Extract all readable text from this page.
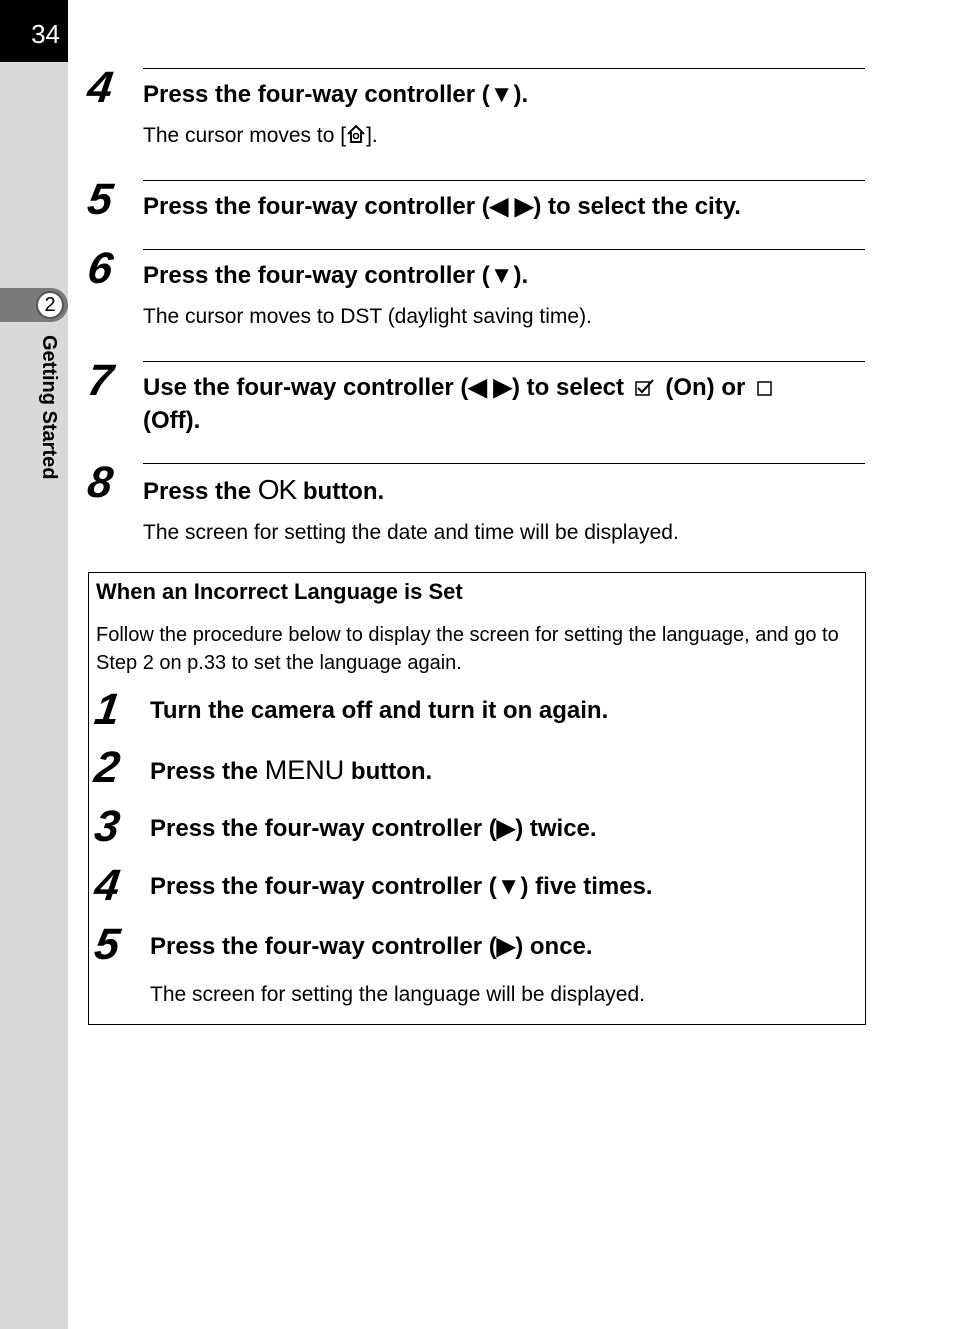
34
2
Getting Started
4 Press the four-way controller (▼).
The cursor moves to [ ].
5 Press the four-way controller (◀ ▶) to select the city.
6 Press the four-way controller (▼).
The cursor moves to DST (daylight saving time).
7 Use the four-way controller (◀ ▶) to select (On) or
(Off).
8 Press the OK button.
The screen for setting the date and time will be displayed.
When an Incorrect Language is Set
Follow the procedure below to display the screen for setting the language, and go to Step 2 on p.33 to set the language again.
1 Turn the camera off and turn it on again.
2 Press the MENU button.
3 Press the four-way controller (▶) twice.
4 Press the four-way controller (▼) five times.
5 Press the four-way controller (▶) once.
The screen for setting the language will be displayed.
